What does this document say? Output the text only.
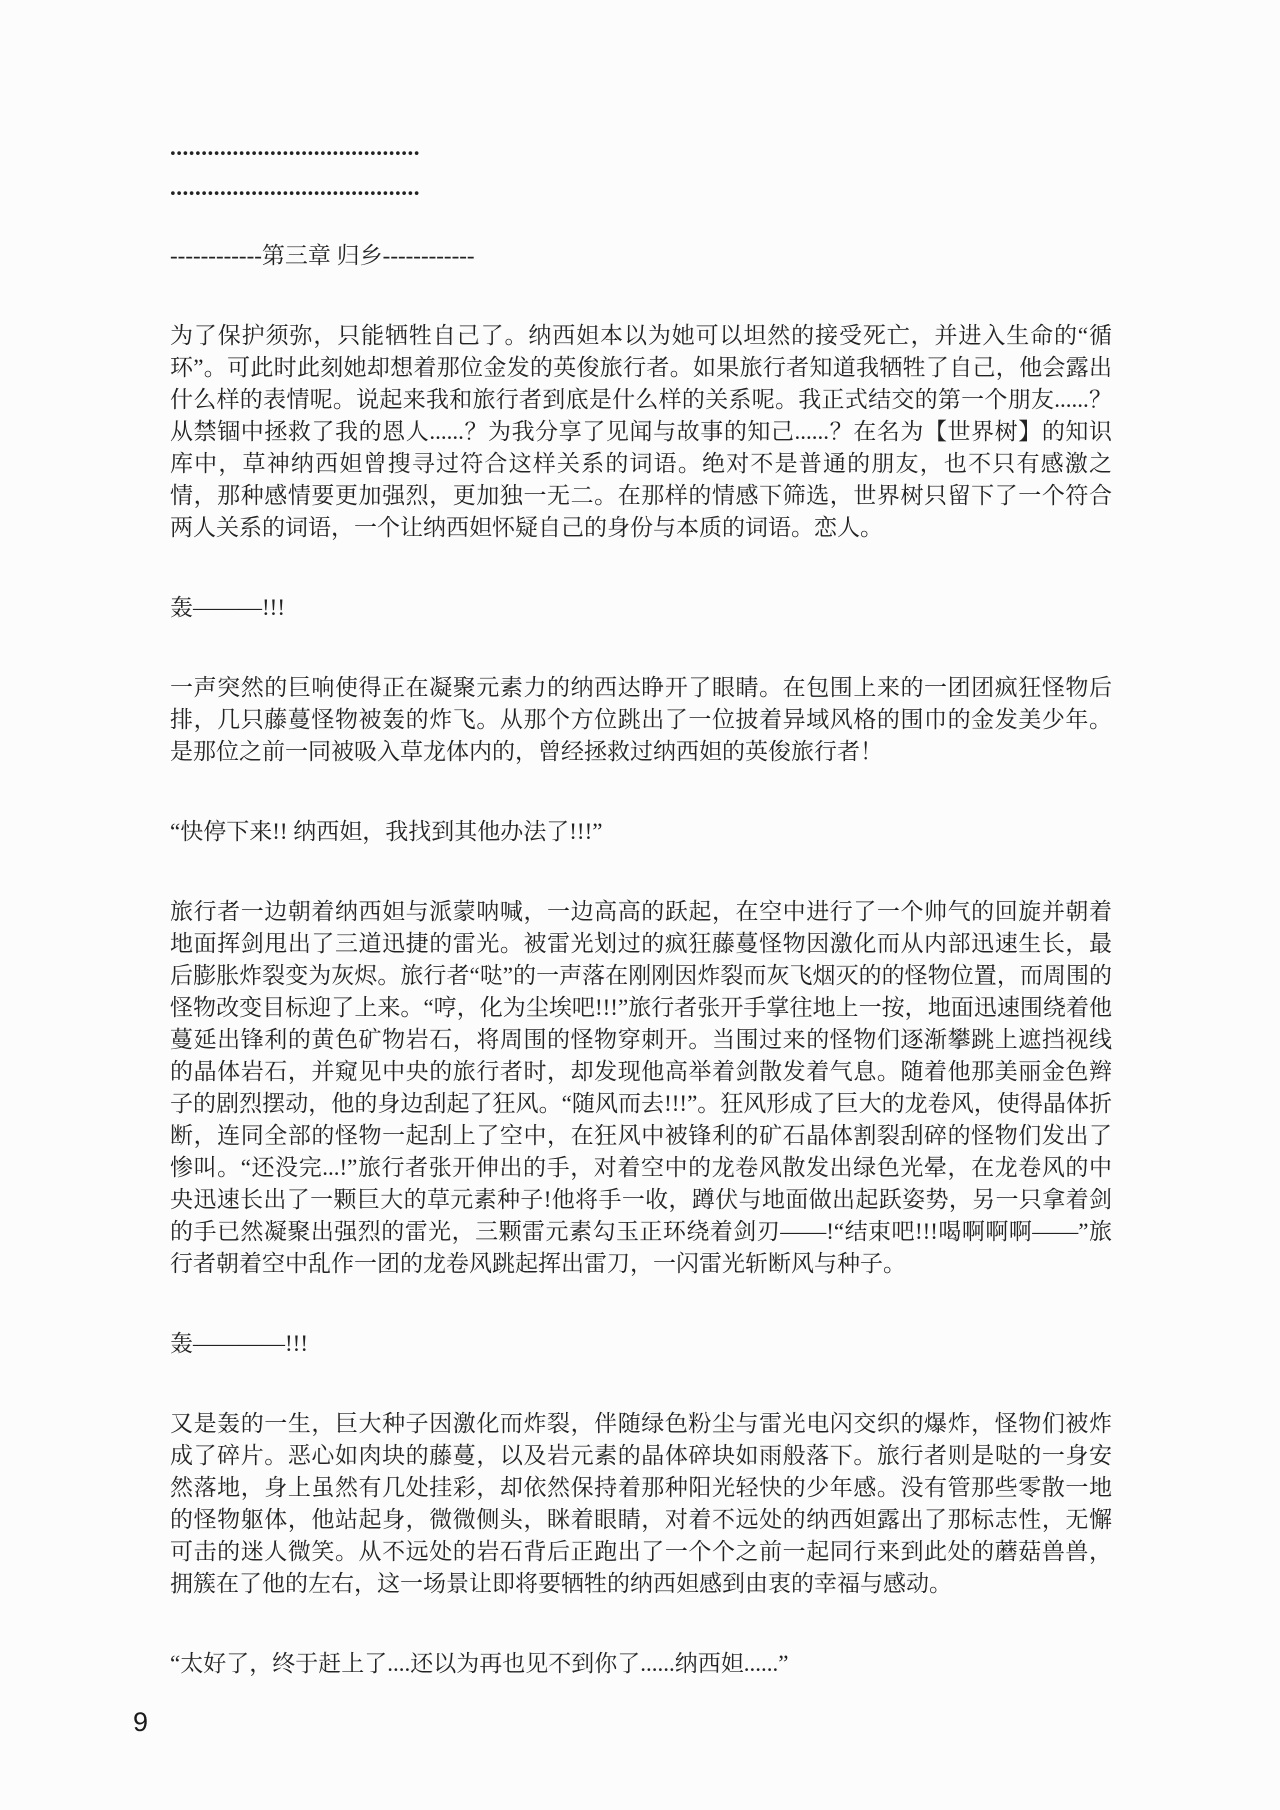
........................................
........................................
------------第三章 归乡------------
为了保护须弥，只能牺牲自己了。纳西妲本以为她可以坦然的接受死亡，并进入生命的“循环”。可此时此刻她却想着那位金发的英俊旅行者。如果旅行者知道我牺牲了自己，他会露出什么样的表情呢。说起来我和旅行者到底是什么样的关系呢。我正式结交的第一个朋友......？从禁锢中拯救了我的恩人......？为我分享了见闻与故事的知己......？在名为【世界树】的知识库中，草神纳西妲曾搜寻过符合这样关系的词语。绝对不是普通的朋友，也不只有感激之情，那种感情要更加强烈，更加独一无二。在那样的情感下筛选，世界树只留下了一个符合两人关系的词语，一个让纳西妲怀疑自己的身份与本质的词语。恋人。
轰———!!!
一声突然的巨响使得正在凝聚元素力的纳西达睁开了眼睛。在包围上来的一团团疯狂怪物后排，几只藤蔓怪物被轰的炸飞。从那个方位跳出了一位披着异域风格的围巾的金发美少年。是那位之前一同被吸入草龙体内的，曾经拯救过纳西妲的英俊旅行者！
“快停下来!! 纳西妲，我找到其他办法了!!!”
旅行者一边朝着纳西妲与派蒙呐喊，一边高高的跃起，在空中进行了一个帅气的回旋并朝着地面挥剑甩出了三道迅捷的雷光。被雷光划过的疯狂藤蔓怪物因激化而从内部迅速生长，最后膨胀炸裂变为灰烬。旅行者“哒”的一声落在刚刚因炸裂而灰飞烟灭的的怪物位置，而周围的怪物改变目标迎了上来。“哼，化为尘埃吧!!!”旅行者张开手掌往地上一按，地面迅速围绕着他蔓延出锋利的黄色矿物岩石，将周围的怪物穿刺开。当围过来的怪物们逐渐攀跳上遮挡视线的晶体岩石，并窥见中央的旅行者时，却发现他高举着剑散发着气息。随着他那美丽金色辫子的剧烈摆动，他的身边刮起了狂风。“随风而去!!!”。狂风形成了巨大的龙卷风，使得晶体折断，连同全部的怪物一起刮上了空中，在狂风中被锋利的矿石晶体割裂刮碎的怪物们发出了惨叫。“还没完...!”旅行者张开伸出的手，对着空中的龙卷风散发出绿色光晕，在龙卷风的中央迅速长出了一颗巨大的草元素种子!他将手一收，蹲伏与地面做出起跃姿势，另一只拿着剑的手已然凝聚出强烈的雷光，三颗雷元素勾玉正环绕着剑刃——!“结束吧!!!喝啊啊啊——”旅行者朝着空中乱作一团的龙卷风跳起挥出雷刀，一闪雷光斩断风与种子。
轰————!!!
又是轰的一生，巨大种子因激化而炸裂，伴随绿色粉尘与雷光电闪交织的爆炸，怪物们被炸成了碎片。恶心如肉块的藤蔓，以及岩元素的晶体碎块如雨般落下。旅行者则是哒的一身安然落地，身上虽然有几处挂彩，却依然保持着那种阳光轻快的少年感。没有管那些零散一地的怪物躯体，他站起身，微微侧头，眯着眼睛，对着不远处的纳西妲露出了那标志性，无懈可击的迷人微笑。从不远处的岩石背后正跑出了一个个之前一起同行来到此处的蘑菇兽兽，拥簇在了他的左右，这一场景让即将要牺牲的纳西妲感到由衷的幸福与感动。
“太好了，终于赶上了....还以为再也见不到你了......纳西妲......”
9
